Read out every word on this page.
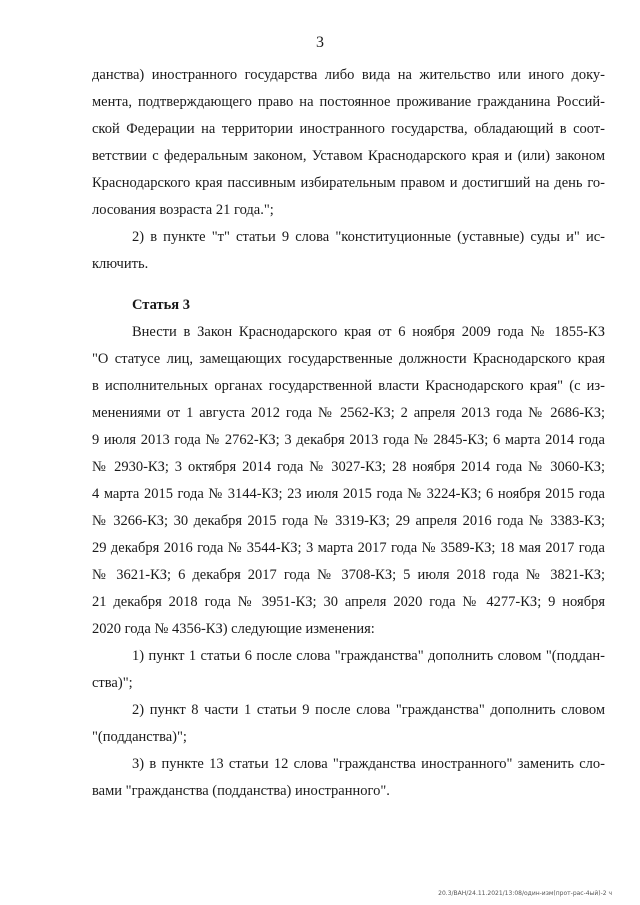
3
данства) иностранного государства либо вида на жительство или иного доку-
мента, подтверждающего право на постоянное проживание гражданина Россий-
ской Федерации на территории иностранного государства, обладающий в соот-
ветствии с федеральным законом, Уставом Краснодарского края и (или) законом
Краснодарского края пассивным избирательным правом и достигший на день го-
лосования возраста 21 года.";
2) в пункте "т" статьи 9 слова "конституционные (уставные) суды и" ис-
ключить.
Статья 3
Внести в Закон Краснодарского края от 6 ноября 2009 года № 1855-КЗ
"О статусе лиц, замещающих государственные должности Краснодарского края
в исполнительных органах государственной власти Краснодарского края" (с из-
менениями от 1 августа 2012 года № 2562-КЗ; 2 апреля 2013 года № 2686-КЗ;
9 июля 2013 года № 2762-КЗ; 3 декабря 2013 года № 2845-КЗ; 6 марта 2014 года
№ 2930-КЗ; 3 октября 2014 года № 3027-КЗ; 28 ноября 2014 года № 3060-КЗ;
4 марта 2015 года № 3144-КЗ; 23 июля 2015 года № 3224-КЗ; 6 ноября 2015 года
№ 3266-КЗ; 30 декабря 2015 года № 3319-КЗ; 29 апреля 2016 года № 3383-КЗ;
29 декабря 2016 года № 3544-КЗ; 3 марта 2017 года № 3589-КЗ; 18 мая 2017 года
№ 3621-КЗ; 6 декабря 2017 года № 3708-КЗ; 5 июля 2018 года № 3821-КЗ;
21 декабря 2018 года № 3951-КЗ; 30 апреля 2020 года № 4277-КЗ; 9 ноября
2020 года № 4356-КЗ) следующие изменения:
1) пункт 1 статьи 6 после слова "гражданства" дополнить словом "(поддан-
ства)";
2) пункт 8 части 1 статьи 9 после слова "гражданства" дополнить словом
"(подданства)";
3) в пункте 13 статьи 12 слова "гражданства иностранного" заменить сло-
вами "гражданства (подданства) иностранного".
20.3/ВАН/24.11.2021/13:08/один-изм(прот-рас-4ый)-2 ч
